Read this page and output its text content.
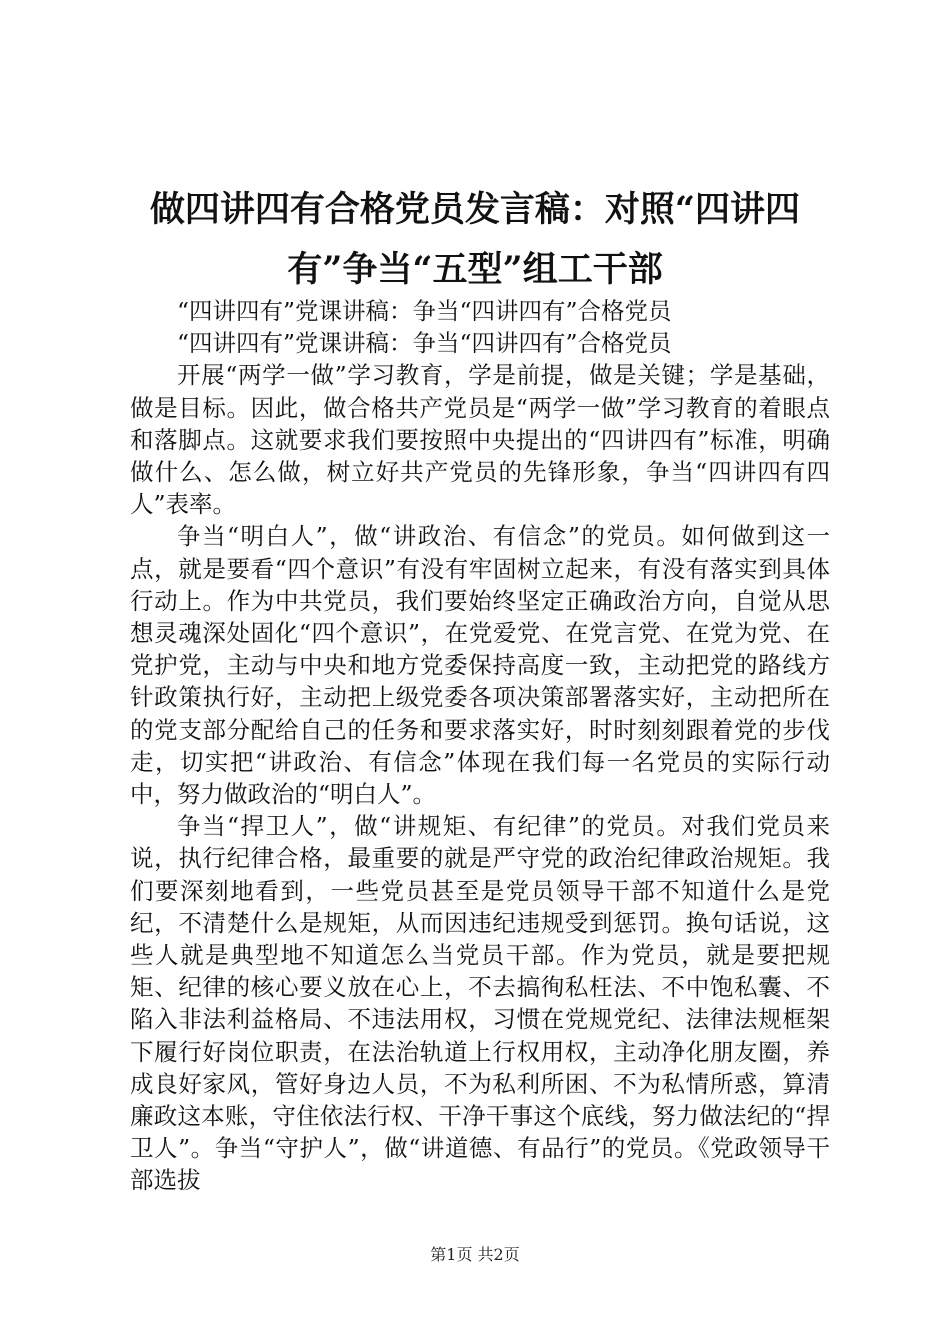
做四讲四有合格党员发言稿：对照“四讲四
有”争当“五型”组工干部

“四讲四有”党课讲稿：争当“四讲四有”合格党员

“四讲四有”党课讲稿：争当“四讲四有”合格党员

开展“两学一做”学习教育，学是前提，做是关键；学是基础，做是目标。因此，做合格共产党员是“两学一做”学习教育的着眼点和落脚点。这就要求我们要按照中央提出的“四讲四有”标准，明确做什么、怎么做，树立好共产党员的先锋形象，争当“四讲四有四人”表率。

争当“明白人”，做“讲政治、有信念”的党员。如何做到这一点，就是要看“四个意识”有没有牢固树立起来，有没有落实到具体行动上。作为中共党员，我们要始终坚定正确政治方向，自觉从思想灵魂深处固化“四个意识”，在党爱党、在党言党、在党为党、在党护党，主动与中央和地方党委保持高度一致，主动把党的路线方针政策执行好，主动把上级党委各项决策部署落实好，主动把所在的党支部分配给自己的任务和要求落实好，时时刻刻跟着党的步伐走，切实把“讲政治、有信念”体现在我们每一名党员的实际行动中，努力做政治的“明白人”。

争当“捍卫人”，做“讲规矩、有纪律”的党员。对我们党员来说，执行纪律合格，最重要的就是严守党的政治纪律政治规矩。我们要深刻地看到，一些党员甚至是党员领导干部不知道什么是党纪，不清楚什么是规矩，从而因违纪违规受到惩罚。换句话说，这些人就是典型地不知道怎么当党员干部。作为党员，就是要把规矩、纪律的核心要义放在心上，不去搞徇私枉法、不中饱私囊、不陷入非法利益格局、不违法用权，习惯在党规党纪、法律法规框架下履行好岗位职责，在法治轨道上行权用权，主动净化朋友圈，养成良好家风，管好身边人员，不为私利所困、不为私情所惑，算清廉政这本账，守住依法行权、干净干事这个底线，努力做法纪的“捍卫人”。争当“守护人”，做“讲道德、有品行”的党员。《党政领导干部选拔

第1页 共2页
